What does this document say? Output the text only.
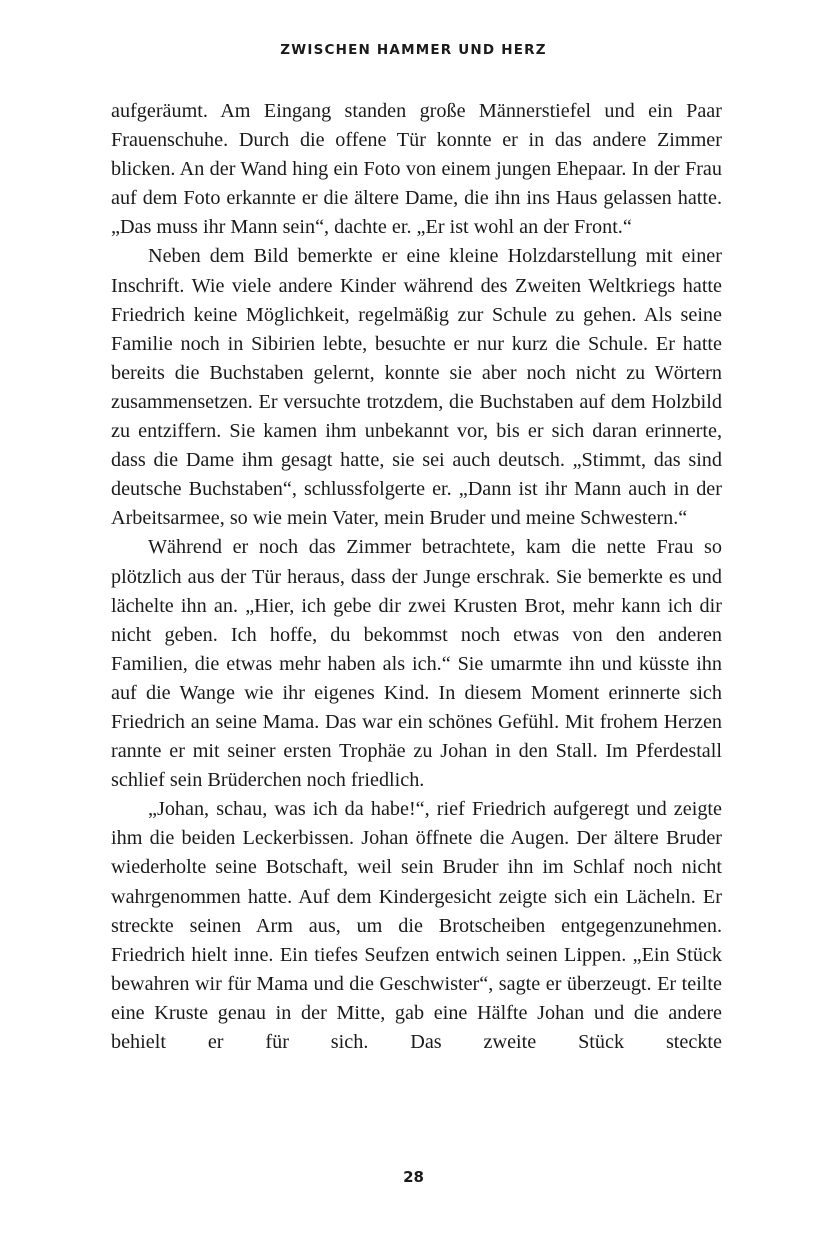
ZWISCHEN HAMMER UND HERZ

aufgeräumt. Am Eingang standen große Männerstiefel und ein Paar Frauenschuhe. Durch die offene Tür konnte er in das andere Zimmer blicken. An der Wand hing ein Foto von einem jungen Ehepaar. In der Frau auf dem Foto erkannte er die ältere Dame, die ihn ins Haus gelassen hatte. „Das muss ihr Mann sein“, dachte er. „Er ist wohl an der Front.“

Neben dem Bild bemerkte er eine kleine Holzdarstellung mit einer Inschrift. Wie viele andere Kinder während des Zweiten Weltkriegs hatte Friedrich keine Möglichkeit, regelmäßig zur Schule zu gehen. Als seine Familie noch in Sibirien lebte, besuchte er nur kurz die Schule. Er hatte bereits die Buchstaben gelernt, konnte sie aber noch nicht zu Wörtern zusammensetzen. Er versuchte trotzdem, die Buchstaben auf dem Holzbild zu entziffern. Sie kamen ihm unbekannt vor, bis er sich daran erinnerte, dass die Dame ihm gesagt hatte, sie sei auch deutsch. „Stimmt, das sind deutsche Buchstaben“, schlussfolgerte er. „Dann ist ihr Mann auch in der Arbeitsarmee, so wie mein Vater, mein Bruder und meine Schwestern.“

Während er noch das Zimmer betrachtete, kam die nette Frau so plötzlich aus der Tür heraus, dass der Junge erschrak. Sie bemerkte es und lächelte ihn an. „Hier, ich gebe dir zwei Krusten Brot, mehr kann ich dir nicht geben. Ich hoffe, du bekommst noch etwas von den anderen Familien, die etwas mehr haben als ich.“ Sie umarmte ihn und küsste ihn auf die Wange wie ihr eigenes Kind. In diesem Moment erinnerte sich Friedrich an seine Mama. Das war ein schönes Gefühl. Mit frohem Herzen rannte er mit seiner ersten Trophäe zu Johan in den Stall. Im Pferdestall schlief sein Brüderchen noch friedlich.

„Johan, schau, was ich da habe!“, rief Friedrich aufgeregt und zeigte ihm die beiden Leckerbissen. Johan öffnete die Augen. Der ältere Bruder wiederholte seine Botschaft, weil sein Bruder ihn im Schlaf noch nicht wahrgenommen hatte. Auf dem Kindergesicht zeigte sich ein Lächeln. Er streckte seinen Arm aus, um die Brotscheiben entgegenzunehmen. Friedrich hielt inne. Ein tiefes Seufzen entwich seinen Lippen. „Ein Stück bewahren wir für Mama und die Geschwister“, sagte er überzeugt. Er teilte eine Kruste genau in der Mitte, gab eine Hälfte Johan und die andere behielt er für sich. Das zweite Stück steckte

28
